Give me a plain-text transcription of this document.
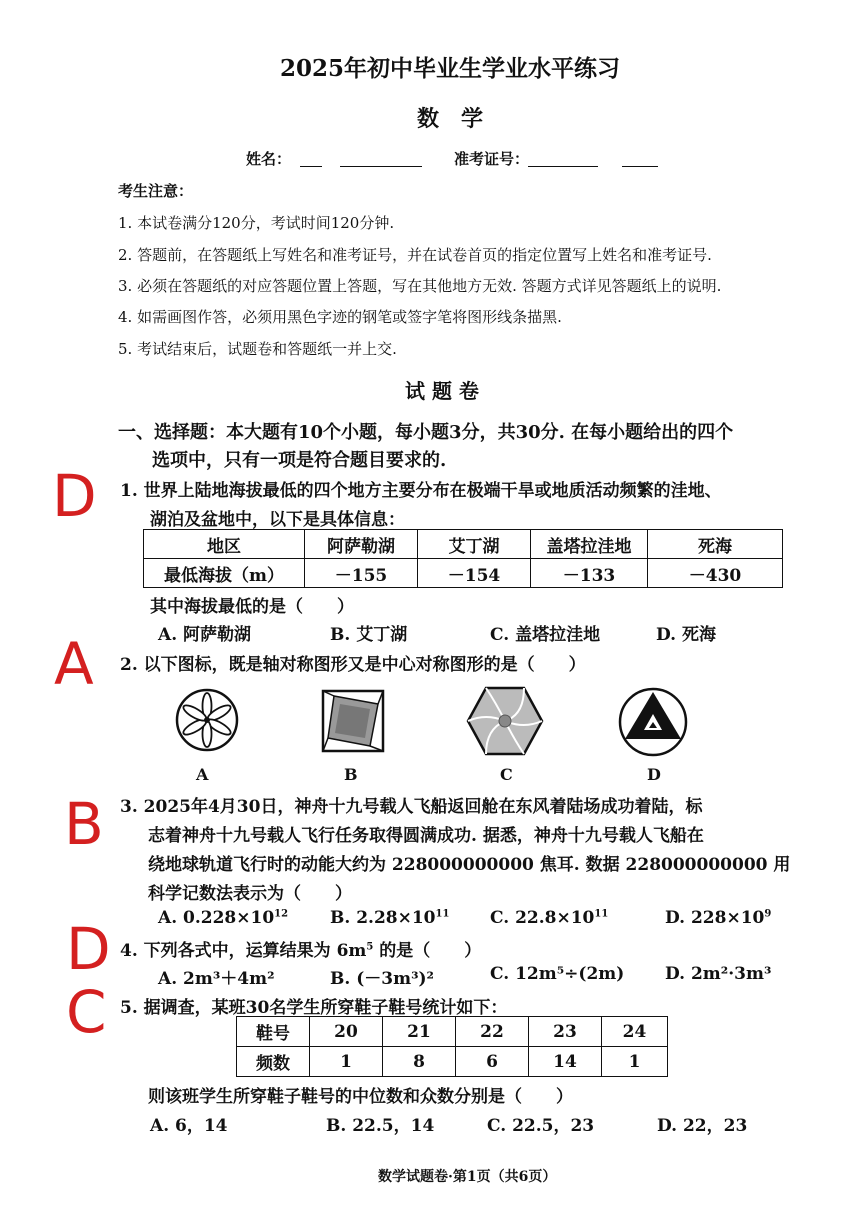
2025年初中毕业生学业水平练习
数　学
姓名：	准考证号：
考生注意：
1. 本试卷满分120分，考试时间120分钟.
2. 答题前，在答题纸上写姓名和准考证号，并在试卷首页的指定位置写上姓名和准考证号.
3. 必须在答题纸的对应答题位置上答题，写在其他地方无效. 答题方式详见答题纸上的说明.
4. 如需画图作答，必须用黑色字迹的钢笔或签字笔将图形线条描黑.
5. 考试结束后，试题卷和答题纸一并上交.
试 题 卷
一、选择题：本大题有10个小题，每小题3分，共30分. 在每小题给出的四个
选项中，只有一项是符合题目要求的.
D
A
B
D
C
1. 世界上陆地海拔最低的四个地方主要分布在极端干旱或地质活动频繁的洼地、
湖泊及盆地中，以下是具体信息：
地区	阿萨勒湖	艾丁湖	盖塔拉洼地	死海
最低海拔（m）	－155	－154	－133	－430
其中海拔最低的是（　　）
A. 阿萨勒湖	B. 艾丁湖	C. 盖塔拉洼地	D. 死海
2. 以下图标，既是轴对称图形又是中心对称图形的是（　　）
A	B	C	D
3. 2025年4月30日，神舟十九号载人飞船返回舱在东风着陆场成功着陆，标
志着神舟十九号载人飞行任务取得圆满成功. 据悉，神舟十九号载人飞船在
绕地球轨道飞行时的动能大约为 228000000000 焦耳. 数据 228000000000 用
科学记数法表示为（　　）
A. $0.228\times 10^{12}$ B. $2.28\times 10^{11}$ C. $22.8\times 10^{11}$	D. $228\times 10^9$
4. 下列各式中，运算结果为 $6m^5$ 的是（　　）
A. 2m³＋4m²	B. (－3m³)²	C. 12m⁵÷(2m) D. 2m²·3m³
5. 据调查，某班30名学生所穿鞋子鞋号统计如下：
鞋号	20	21	22	23	24
频数	1	8	6	14	1
则该班学生所穿鞋子鞋号的中位数和众数分别是（　　）
A. 6，14	B. 22.5，14	C. 22.5，23	D. 22，23
数学试题卷·第1页（共6页）
